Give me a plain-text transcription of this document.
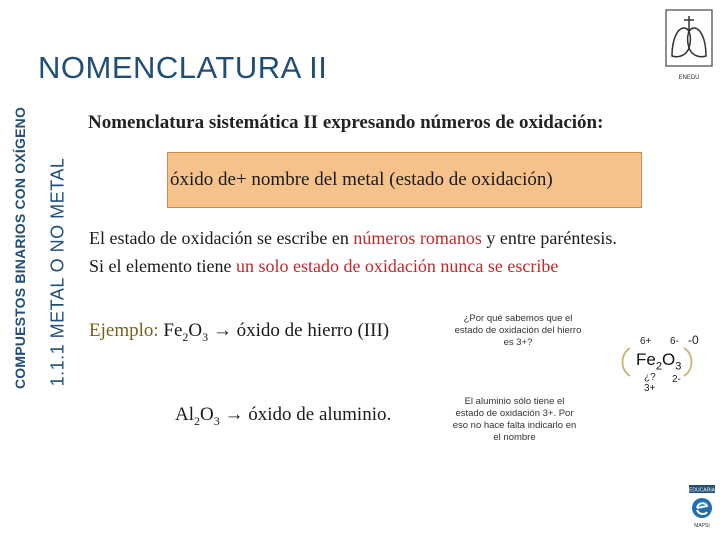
COMPUESTOS BINARIOS CON OXÍGENO 1.1.1 METAL O NO METAL
NOMENCLATURA II	ENEDU
Nomenclatura sistemática II expresando números de oxidación:
óxido de+ nombre del metal (estado de oxidación)
El estado de oxidación se escribe en números romanos y entre paréntesis.
Si el elemento tiene un solo estado de oxidación nunca se escribe
Ejemplo: $Fe_2O_3$ → óxido de hierro (III)
$Al_2O_3$ → óxido de aluminio.
¿Por qué sabemos que el estado de oxidación del hierro es 3+?
El aluminio sólo tiene el estado de oxidación 3+. Por eso no hace falta indicarlo en el nombre
6+ 6- -0
$Fe_2O_3$
¿?
3+
2-
EDUCARIA
MAPSI
